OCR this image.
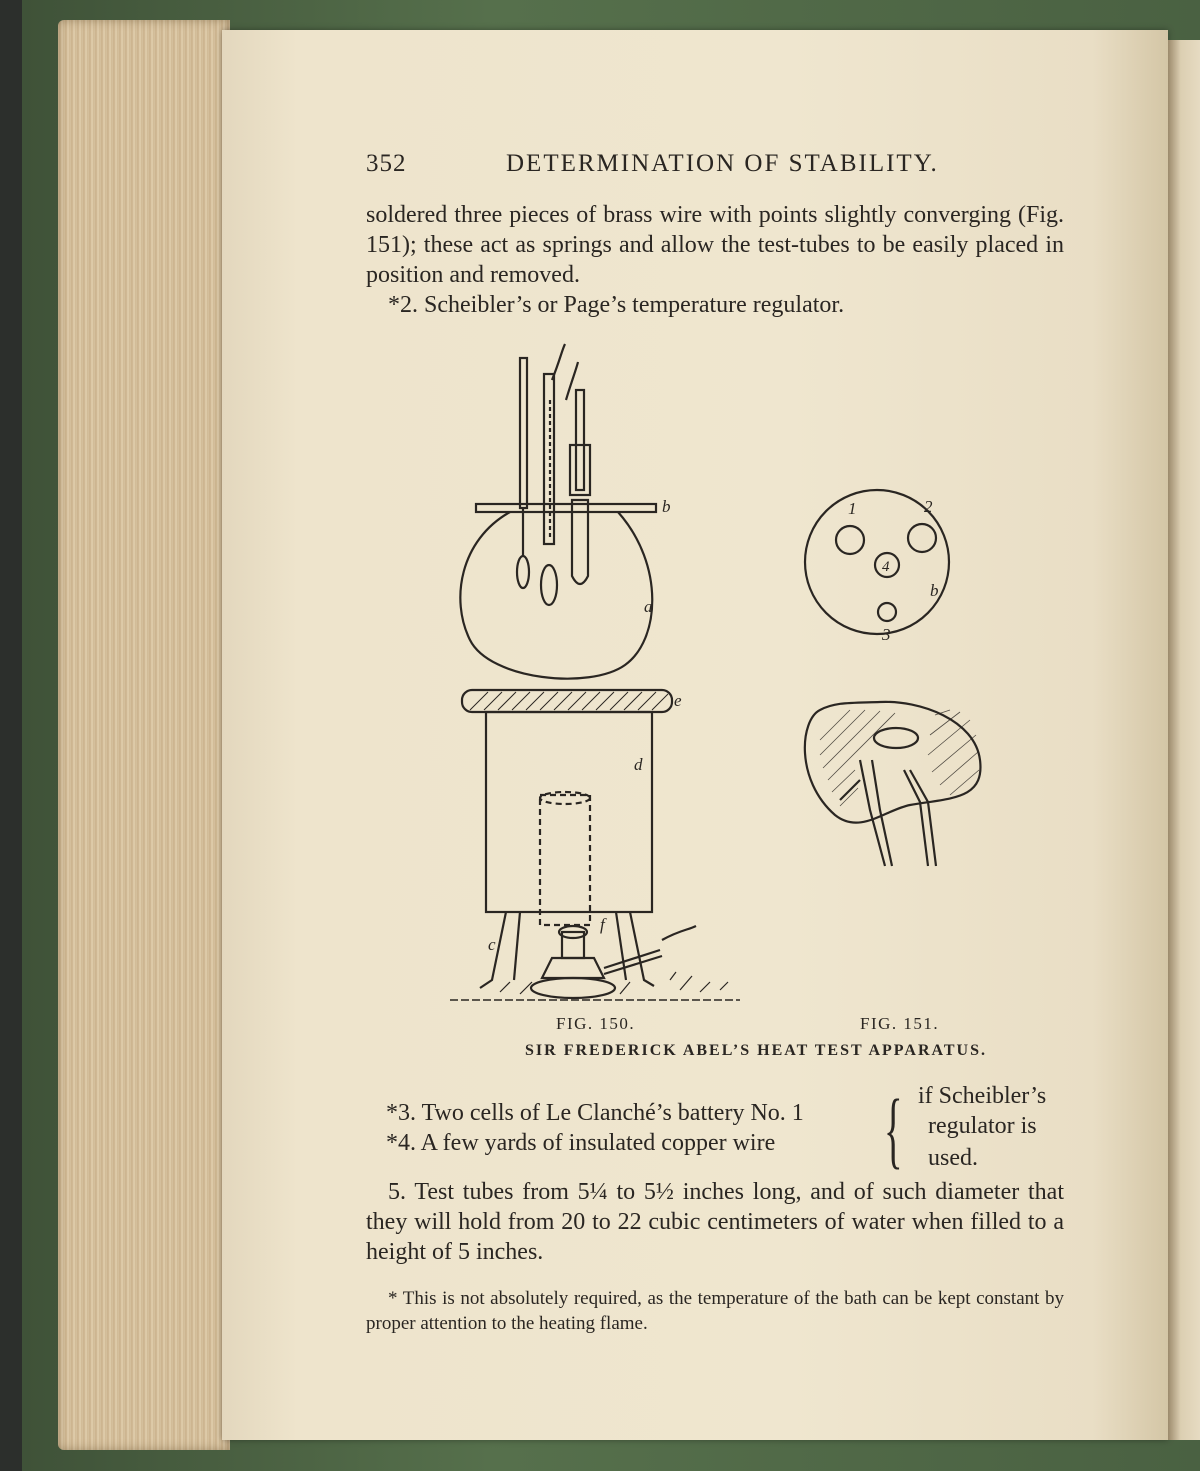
352	DETERMINATION OF STABILITY.
soldered three pieces of brass wire with points slightly converging (Fig. 151); these act as springs and allow the test-tubes to be easily placed in position and removed.
*2. Scheibler’s or Page’s temperature regulator.
b
a
e
d
f
c
1	2
4
b
3
FIG. 150.	FIG. 151.
SIR FREDERICK ABEL’S HEAT TEST APPARATUS.
*3. Two cells of Le Clanché’s battery No. 1
*4. A few yards of insulated copper wire { if Scheibler’s
regulator is
used.
5. Test tubes from 5¼ to 5½ inches long, and of such diameter that they will hold from 20 to 22 cubic centimeters of water when filled to a height of 5 inches.
* This is not absolutely required, as the temperature of the bath can be kept constant by proper attention to the heating flame.
